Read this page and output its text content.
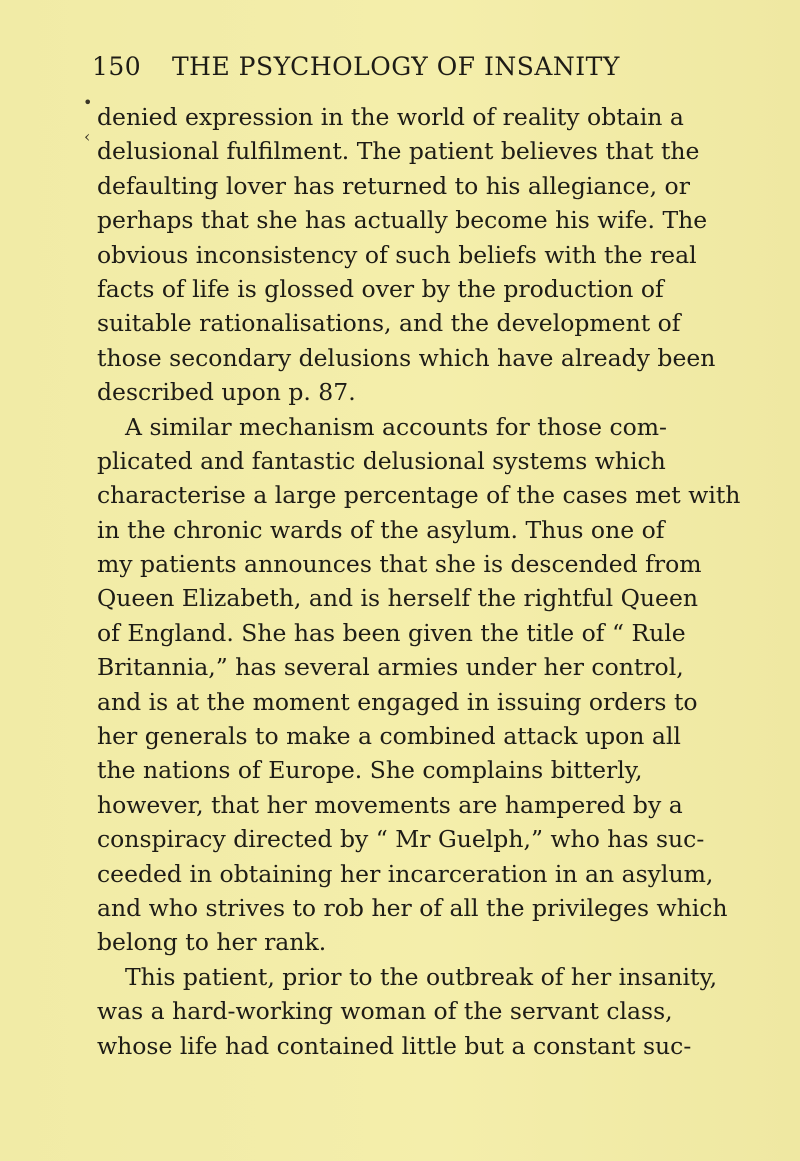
150 THE PSYCHOLOGY OF INSANITY
•
‹
denied expression in the world of reality obtain a
delusional fulfilment. The patient believes that the
defaulting lover has returned to his allegiance, or
perhaps that she has actually become his wife. The
obvious inconsistency of such beliefs with the real
facts of life is glossed over by the production of
suitable rationalisations, and the development of
those secondary delusions which have already been
described upon p. 87.
A similar mechanism accounts for those com-
plicated and fantastic delusional systems which
characterise a large percentage of the cases met with
in the chronic wards of the asylum. Thus one of
my patients announces that she is descended from
Queen Elizabeth, and is herself the rightful Queen
of England. She has been given the title of “ Rule
Britannia,” has several armies under her control,
and is at the moment engaged in issuing orders to
her generals to make a combined attack upon all
the nations of Europe. She complains bitterly,
however, that her movements are hampered by a
conspiracy directed by “ Mr Guelph,” who has suc-
ceeded in obtaining her incarceration in an asylum,
and who strives to rob her of all the privileges which
belong to her rank.
This patient, prior to the outbreak of her insanity,
was a hard-working woman of the servant class,
whose life had contained little but a constant suc-
